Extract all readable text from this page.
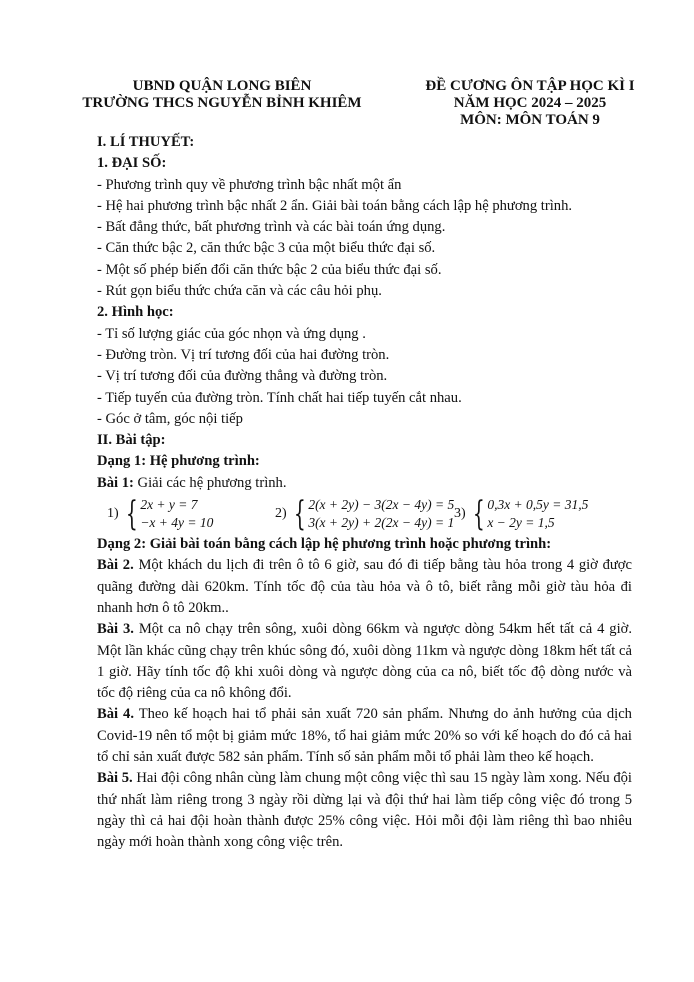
UBND QUẬN LONG BIÊN
TRƯỜNG THCS NGUYỄN BỈNH KHIÊM
ĐỀ CƯƠNG ÔN TẬP HỌC KÌ I
NĂM HỌC 2024 – 2025
MÔN: MÔN TOÁN 9
I. LÍ THUYẾT:
1. ĐẠI SỐ:
- Phương trình quy về phương trình bậc nhất một ẩn
- Hệ hai phương trình bậc nhất 2 ẩn. Giải bài toán bằng cách lập hệ phương trình.
- Bất đẳng thức, bất phương trình và các bài toán ứng dụng.
- Căn thức bậc 2, căn thức bậc 3 của một biểu thức đại số.
- Một số phép biến đổi căn thức bậc 2 của biểu thức đại số.
- Rút gọn biểu thức chứa căn và các câu hỏi phụ.
2. Hình học:
- Tỉ số lượng giác của góc nhọn và ứng dụng .
- Đường tròn. Vị trí tương đối của hai đường tròn.
- Vị trí tương đối của đường thẳng và đường tròn.
- Tiếp tuyến của đường tròn. Tính chất hai tiếp tuyến cắt nhau.
- Góc ở tâm, góc nội tiếp
II. Bài tập:
Dạng 1: Hệ phương trình:
Bài 1: Giải các hệ phương trình.
1) { 2x + y = 7
−x + 4y = 10
2) { 2(x + 2y) − 3(2x − 4y) = 5
3(x + 2y) + 2(2x − 4y) = 1
3) { 0,3x + 0,5y = 31,5
x − 2y = 1,5
Dạng 2: Giải bài toán bằng cách lập hệ phương trình hoặc phương trình:
Bài 2. Một khách du lịch đi trên ô tô 6 giờ, sau đó đi tiếp bằng tàu hỏa trong 4 giờ được quãng đường dài 620km. Tính tốc độ của tàu hỏa và ô tô, biết rằng mỗi giờ tàu hỏa đi nhanh hơn ô tô 20km..
Bài 3. Một ca nô chạy trên sông, xuôi dòng 66km và ngược dòng 54km hết tất cả 4 giờ. Một lần khác cũng chạy trên khúc sông đó, xuôi dòng 11km và ngược dòng 18km hết tất cả 1 giờ. Hãy tính tốc độ khi xuôi dòng và ngược dòng của ca nô, biết tốc độ dòng nước và tốc độ riêng của ca nô không đổi.
Bài 4. Theo kế hoạch hai tổ phải sản xuất 720 sản phẩm. Nhưng do ảnh hưởng của dịch Covid-19 nên tổ một bị giảm mức 18%, tổ hai giảm mức 20% so với kế hoạch do đó cả hai tổ chỉ sản xuất được 582 sản phẩm. Tính số sản phẩm mỗi tổ phải làm theo kế hoạch.
Bài 5. Hai đội công nhân cùng làm chung một công việc thì sau 15 ngày làm xong. Nếu đội thứ nhất làm riêng trong 3 ngày rồi dừng lại và đội thứ hai làm tiếp công việc đó trong 5 ngày thì cả hai đội hoàn thành được 25% công việc. Hỏi mỗi đội làm riêng thì bao nhiêu ngày mới hoàn thành xong công việc trên.
